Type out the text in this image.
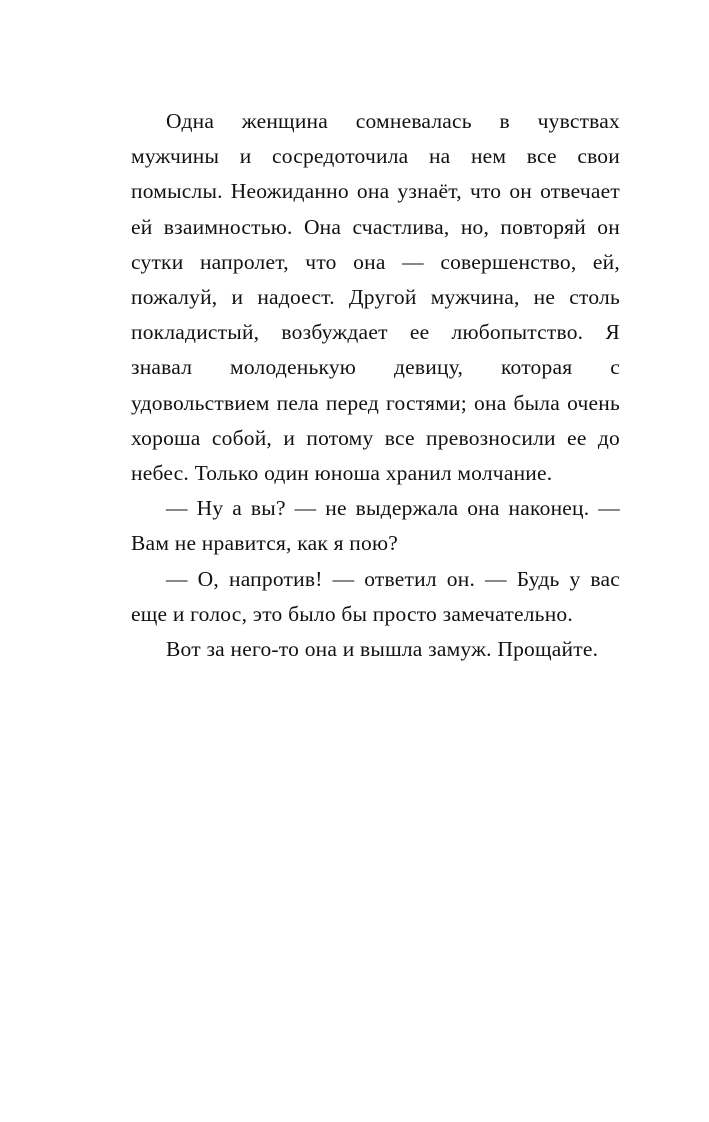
Одна женщина сомневалась в чувствах мужчины и сосредоточила на нем все свои помыслы. Неожиданно она узнаёт, что он отвечает ей взаимностью. Она счастлива, но, повторяй он сутки напролет, что она — совершенство, ей, пожалуй, и надоест. Другой мужчина, не столь покладистый, возбуждает ее любопытство. Я знавал молоденькую девицу, которая с удовольствием пела перед гостями; она была очень хороша собой, и потому все превозносили ее до небес. Только один юноша хранил молчание.

— Ну а вы? — не выдержала она наконец. — Вам не нравится, как я пою?

— О, напротив! — ответил он. — Будь у вас еще и голос, это было бы просто замечательно.

Вот за него-то она и вышла замуж. Прощайте.
